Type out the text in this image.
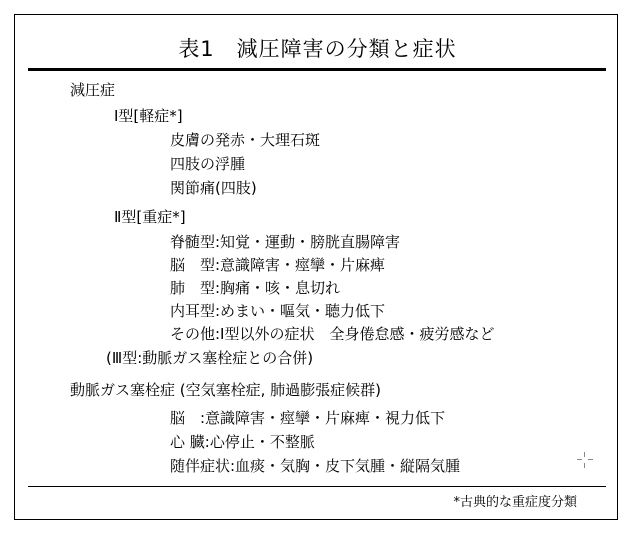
表1　減圧障害の分類と症状
減圧症
Ⅰ型[軽症*]
皮膚の発赤・大理石斑
四肢の浮腫
関節痛(四肢)
Ⅱ型[重症*]
脊髄型:知覚・運動・膀胱直腸障害
脳　型:意識障害・痙攣・片麻痺
肺　型:胸痛・咳・息切れ
内耳型:めまい・嘔気・聴力低下
その他:Ⅰ型以外の症状　全身倦怠感・疲労感など
(Ⅲ型:動脈ガス塞栓症との合併)
動脈ガス塞栓症 (空気塞栓症, 肺過膨張症候群)
脳　:意識障害・痙攣・片麻痺・視力低下
心 臓:心停止・不整脈
随伴症状:血痰・気胸・皮下気腫・縦隔気腫
*古典的な重症度分類
